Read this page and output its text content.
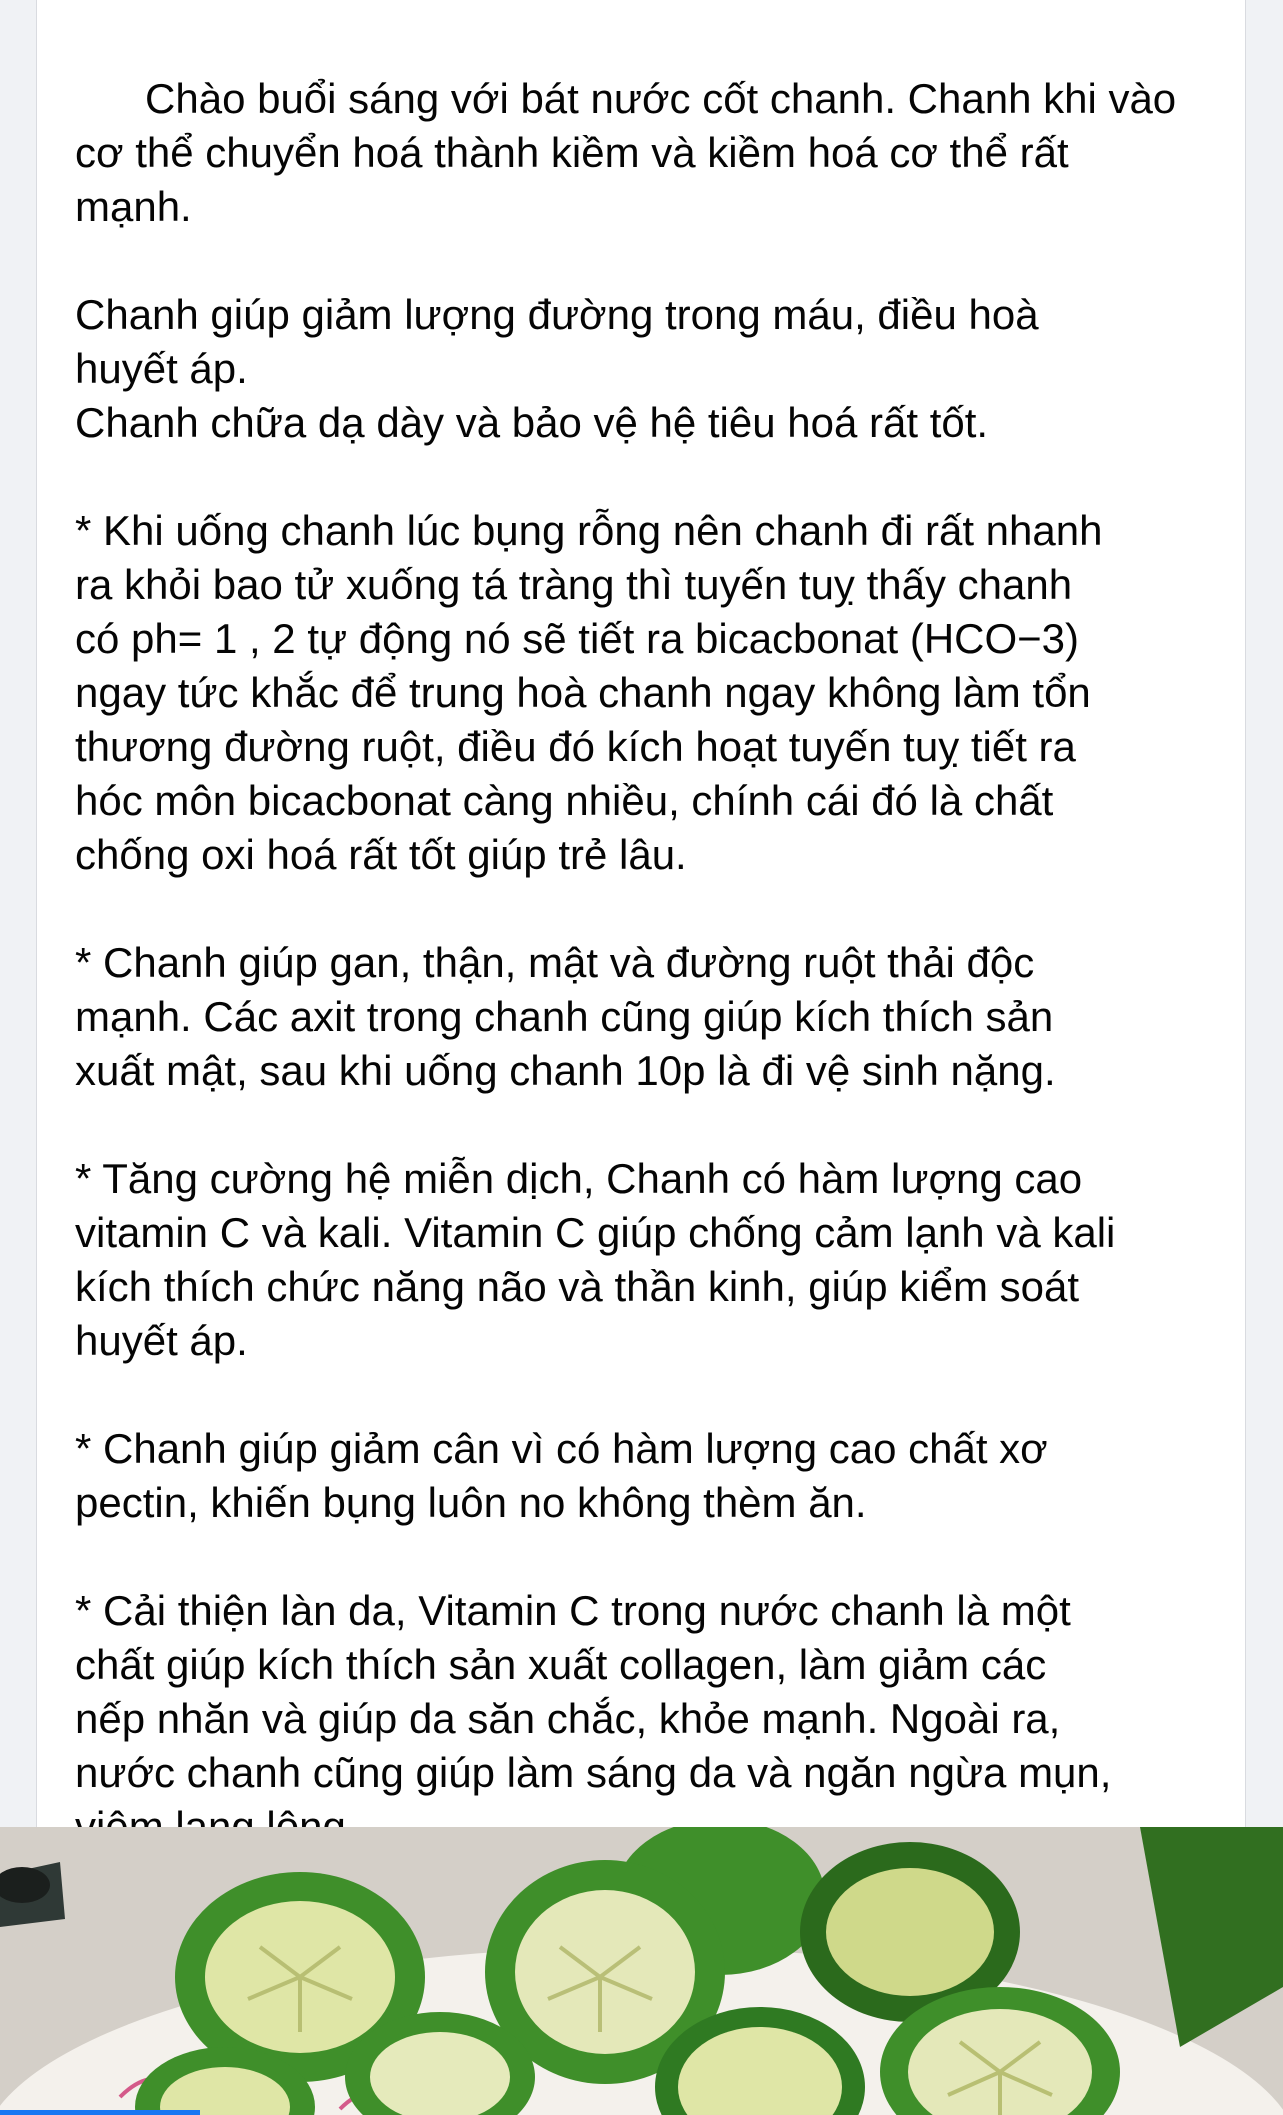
Chào buổi sáng với bát nước cốt chanh. Chanh khi vào
cơ thể chuyển hoá thành kiềm và kiềm hoá cơ thể rất
mạnh.

Chanh giúp giảm lượng đường trong máu, điều hoà
huyết áp.
Chanh chữa dạ dày và bảo vệ hệ tiêu hoá rất tốt.

* Khi uống chanh lúc bụng rỗng nên chanh đi rất nhanh
ra khỏi bao tử xuống tá tràng thì tuyến tuỵ thấy chanh
có ph= 1 , 2 tự động nó sẽ tiết ra bicacbonat (HCO−3)
ngay tức khắc để trung hoà chanh ngay không làm tổn
thương đường ruột, điều đó kích hoạt tuyến tuỵ tiết ra
hóc môn bicacbonat càng nhiều, chính cái đó là chất
chống oxi hoá rất tốt giúp trẻ lâu.

* Chanh giúp gan, thận, mật và đường ruột thải độc
mạnh. Các axit trong chanh cũng giúp kích thích sản
xuất mật, sau khi uống chanh 10p là đi vệ sinh nặng.

* Tăng cường hệ miễn dịch, Chanh có hàm lượng cao
vitamin C và kali. Vitamin C giúp chống cảm lạnh và kali
kích thích chức năng não và thần kinh, giúp kiểm soát
huyết áp.

* Chanh giúp giảm cân vì có hàm lượng cao chất xơ
pectin, khiến bụng luôn no không thèm ăn.

* Cải thiện làn da, Vitamin C trong nước chanh là một
chất giúp kích thích sản xuất collagen, làm giảm các
nếp nhăn và giúp da săn chắc, khỏe mạnh. Ngoài ra,
nước chanh cũng giúp làm sáng da và ngăn ngừa mụn,
